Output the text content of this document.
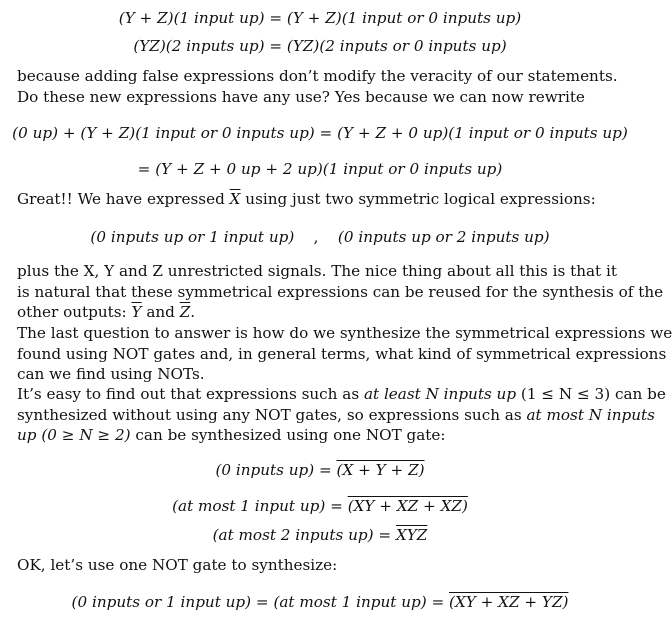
(Y + Z)(1 input up) = (Y + Z)(1 input or 0 inputs up)
(YZ)(2 inputs up) = (YZ)(2 inputs or 0 inputs up)
because adding false expressions don’t modify the veracity of our statements.
Do these new expressions have any use? Yes because we can now rewrite
(0 up) + (Y + Z)(1 input or 0 inputs up) = (Y + Z + 0 up)(1 input or 0 inputs up)
= (Y + Z + 0 up + 2 up)(1 input or 0 inputs up)
Great!! We have expressed $\overline{X}$ using just two symmetric logical expressions:
(0 inputs up or 1 input up) , (0 inputs up or 2 inputs up)
plus the X, Y and Z unrestricted signals. The nice thing about all this is that it
is natural that these symmetrical expressions can be reused for the synthesis of the
other outputs: $\overline{Y}$ and $\overline{Z}$.
The last question to answer is how do we synthesize the symmetrical expressions we
found using NOT gates and, in general terms, what kind of symmetrical expressions
can we find using NOTs.
It’s easy to find out that expressions such as at least N inputs up (1 ≤ N ≤ 3) can be
synthesized without using any NOT gates, so expressions such as at most N inputs
up (0 ≥ N ≥ 2) can be synthesized using one NOT gate:
(0 inputs up) = (X + Y + Z)
(at most 1 input up) = (XY + XZ + XZ)
(at most 2 inputs $up) = \overline{XYZ}$
OK, let’s use one NOT gate to synthesize:
(0 inputs or 1 input up) = (at most 1 input up) = (XY + XZ + YZ)
